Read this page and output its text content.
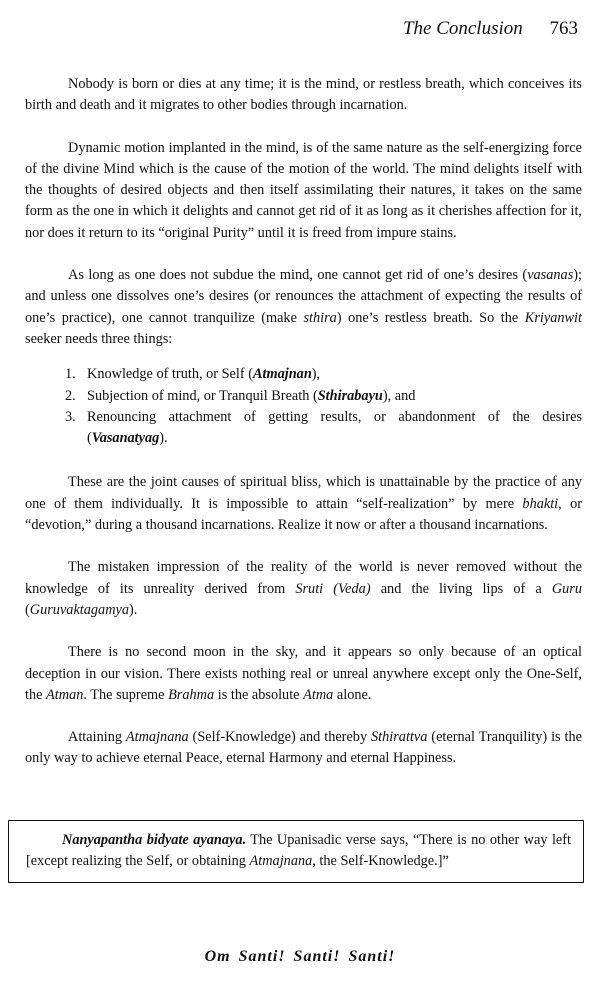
The Conclusion 763

Nobody is born or dies at any time; it is the mind, or restless breath, which conceives its birth and death and it migrates to other bodies through incarnation.

Dynamic motion implanted in the mind, is of the same nature as the self-energizing force of the divine Mind which is the cause of the motion of the world. The mind delights itself with the thoughts of desired objects and then itself assimilating their natures, it takes on the same form as the one in which it delights and cannot get rid of it as long as it cherishes affection for it, nor does it return to its “original Purity” until it is freed from impure stains.

As long as one does not subdue the mind, one cannot get rid of one’s desires (vasanas); and unless one dissolves one’s desires (or renounces the attachment of expecting the results of one’s practice), one cannot tranquilize (make sthira) one’s restless breath. So the Kriyanwit seeker needs three things:

1. Knowledge of truth, or Self (Atmajnan),
2. Subjection of mind, or Tranquil Breath (Sthirabayu), and
3. Renouncing attachment of getting results, or abandonment of the desires (Vasanatyag).

These are the joint causes of spiritual bliss, which is unattainable by the practice of any one of them individually. It is impossible to attain “self-realization” by mere bhakti, or “devotion,” during a thousand incarnations. Realize it now or after a thousand incarnations.

The mistaken impression of the reality of the world is never removed without the knowledge of its unreality derived from Sruti (Veda) and the living lips of a Guru (Guruvaktagamya).

There is no second moon in the sky, and it appears so only because of an optical deception in our vision. There exists nothing real or unreal anywhere except only the One-Self, the Atman. The supreme Brahma is the absolute Atma alone.

Attaining Atmajnana (Self-Knowledge) and thereby Sthirattva (eternal Tranquility) is the only way to achieve eternal Peace, eternal Harmony and eternal Happiness.

Nanyapantha bidyate ayanaya. The Upanisadic verse says, “There is no other way left [except realizing the Self, or obtaining Atmajnana, the Self-Knowledge.]”
Om Santi! Santi! Santi!
